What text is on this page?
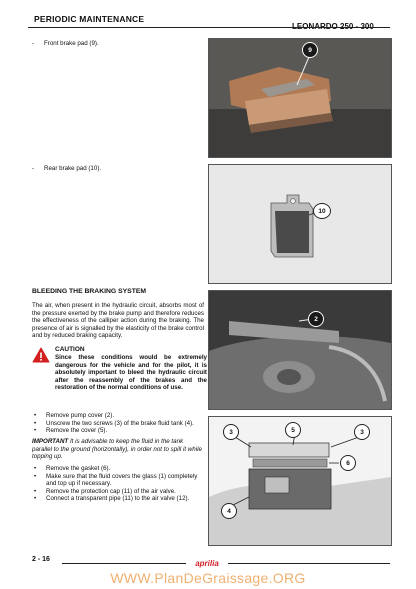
PERIODIC MAINTENANCE
- Front brake pad (9).
9
- Rear brake pad (10).
10
BLEEDING THE BRAKING SYSTEM
The air, when present in the hydraulic circuit, absorbs most of the pressure exerted by the brake pump and therefore reduces the effectiveness of the calliper action during the braking. The presence of air is signalled by the elasticity of the brake control and by reduced braking capacity.
CAUTION
Since these conditions would be extremely dangerous for the vehicle and for the pilot, it is absolutely important to bleed the hydraulic circuit after the reassembly of the brakes and the restoration of the normal conditions of use.
2
• Remove pump cover (2).
• Unscrew the two screws (3) of the brake fluid tank (4).
• Remove the cover (5).
IMPORTANT It is advisable to keep the fluid in the tank parallel to the ground (horizontally), in order not to spill it while topping up.
• Remove the gasket (6).
• Make sure that the fluid covers the glass (1) completely and top up if necessary.
• Remove the protection cap (11) of the air valve.
• Connect a transparent pipe (11) to the air valve (12).
3	5	3
6
4
2 - 16	aprilia
WWW.PlanDeGraissage.ORG
